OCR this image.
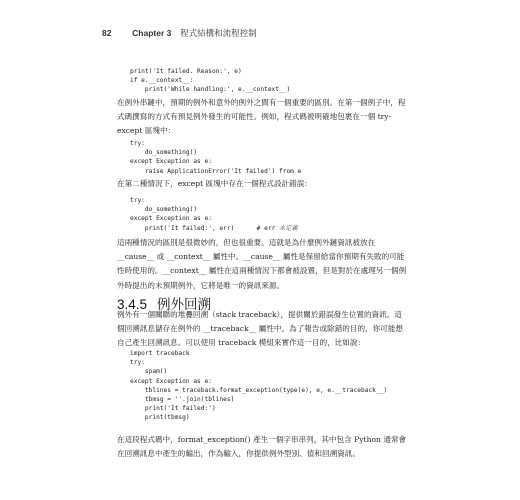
82 Chapter 3 程式結構和流程控制
print('It failed. Reason:', e)
if e.__context__:
print('While handling:', e.__context__)
在例外串鏈中，預期的例外和意外的例外之間有一個重要的區別。在第一個例子中，程式碼撰寫的方式有預見例外發生的可能性。例如，程式碼被明確地包裹在一個 try-except 區塊中：
try:
do_something()
except Exception as e:
raise ApplicationError('It failed') from e
在第二種情況下，except 區塊中存在一個程式設計錯誤：
try:
do_something()
except Exception as e:
print('It failed:', err)      # err 未定義
這兩種情況的區別是很微妙的，但也很重要。這就是為什麼例外鏈資訊被放在 __cause__ 或 __context__ 屬性中。__cause__ 屬性是保留給當你預期有失敗的可能性時使用的。__context__ 屬性在這兩種情況下都會被設置，但是對於在處理另一個例外時提出的未預期例外，它將是唯一的資訊來源。
3.4.5 例外回溯
例外有一個關聯的堆疊回溯（stack traceback），提供關於錯誤發生位置的資訊。這個回溯訊息儲存在例外的 __traceback__ 屬性中。為了報告或除錯的目的，你可能想自己產生回溯訊息。可以使用 traceback 模組來實作這一目的，比如說：
import traceback
try:
spam()
except Exception as e:
tblines = traceback.format_exception(type(e), e, e.__traceback__)
tbmsg = ''.join(tblines)
print('It failed:')
print(tbmsg)
在這段程式碼中，format_exception() 產生一個字串串列，其中包含 Python 通常會在回溯訊息中產生的輸出，作為輸入，你提供例外型別、值和回溯資訊。
